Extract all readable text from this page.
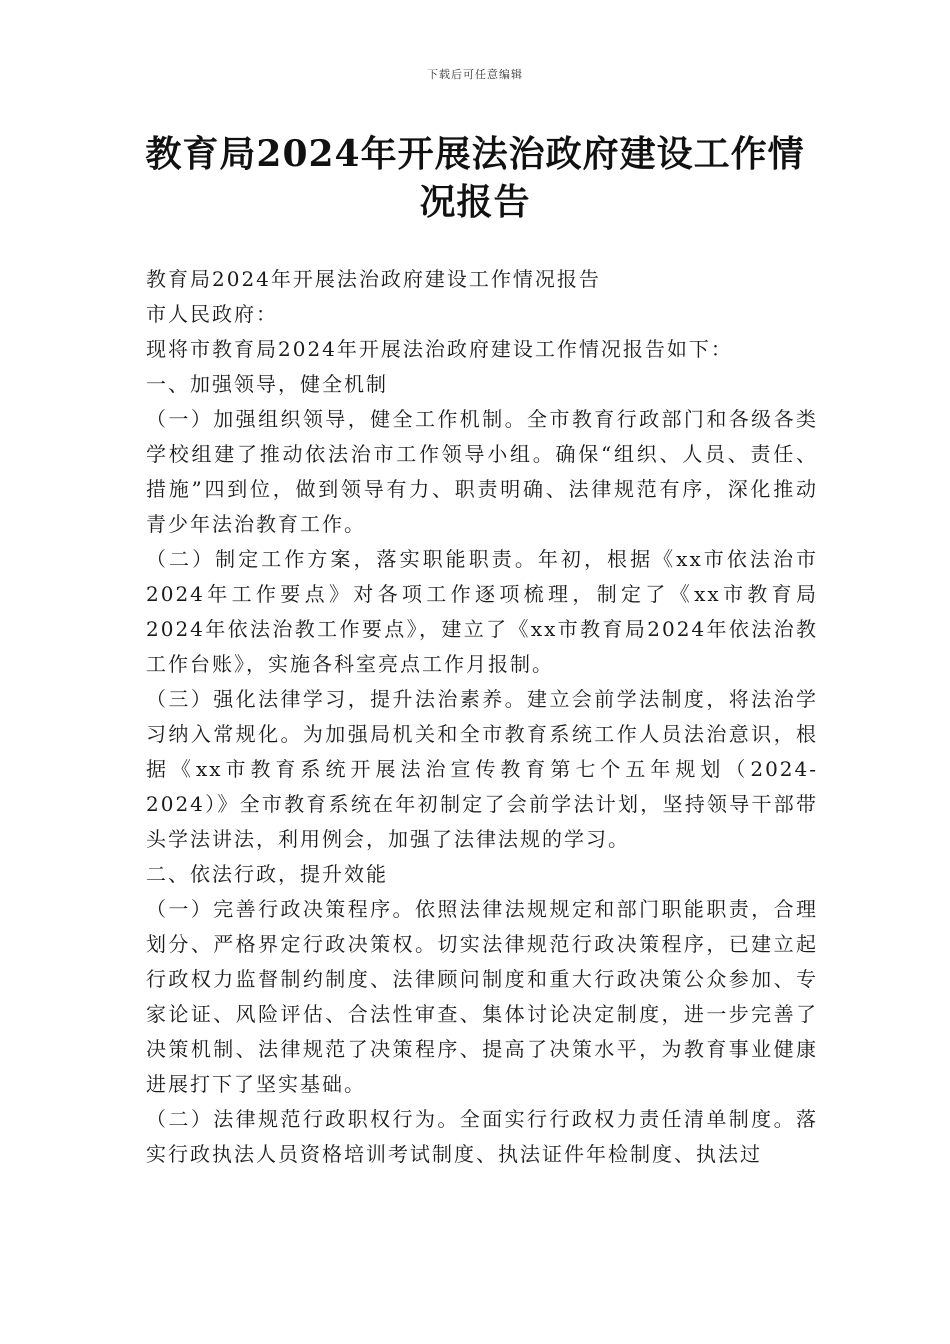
下载后可任意编辑
教育局2024年开展法治政府建设工作情况报告

教育局2024年开展法治政府建设工作情况报告

市人民政府：

现将市教育局2024年开展法治政府建设工作情况报告如下：

一、加强领导，健全机制

（一）加强组织领导，健全工作机制。全市教育行政部门和各级各类学校组建了推动依法治市工作领导小组。确保“组织、人员、责任、措施”四到位，做到领导有力、职责明确、法律规范有序，深化推动青少年法治教育工作。

（二）制定工作方案，落实职能职责。年初，根据《xx市依法治市2024年工作要点》对各项工作逐项梳理，制定了《xx市教育局2024年依法治教工作要点》，建立了《xx市教育局2024年依法治教工作台账》，实施各科室亮点工作月报制。

（三）强化法律学习，提升法治素养。建立会前学法制度，将法治学习纳入常规化。为加强局机关和全市教育系统工作人员法治意识，根据《xx市教育系统开展法治宣传教育第七个五年规划（2024-2024）》全市教育系统在年初制定了会前学法计划，坚持领导干部带头学法讲法，利用例会，加强了法律法规的学习。

二、依法行政，提升效能

（一）完善行政决策程序。依照法律法规规定和部门职能职责，合理划分、严格界定行政决策权。切实法律规范行政决策程序，已建立起行政权力监督制约制度、法律顾问制度和重大行政决策公众参加、专家论证、风险评估、合法性审查、集体讨论决定制度，进一步完善了决策机制、法律规范了决策程序、提高了决策水平，为教育事业健康进展打下了坚实基础。

（二）法律规范行政职权行为。全面实行行政权力责任清单制度。落实行政执法人员资格培训考试制度、执法证件年检制度、执法过
